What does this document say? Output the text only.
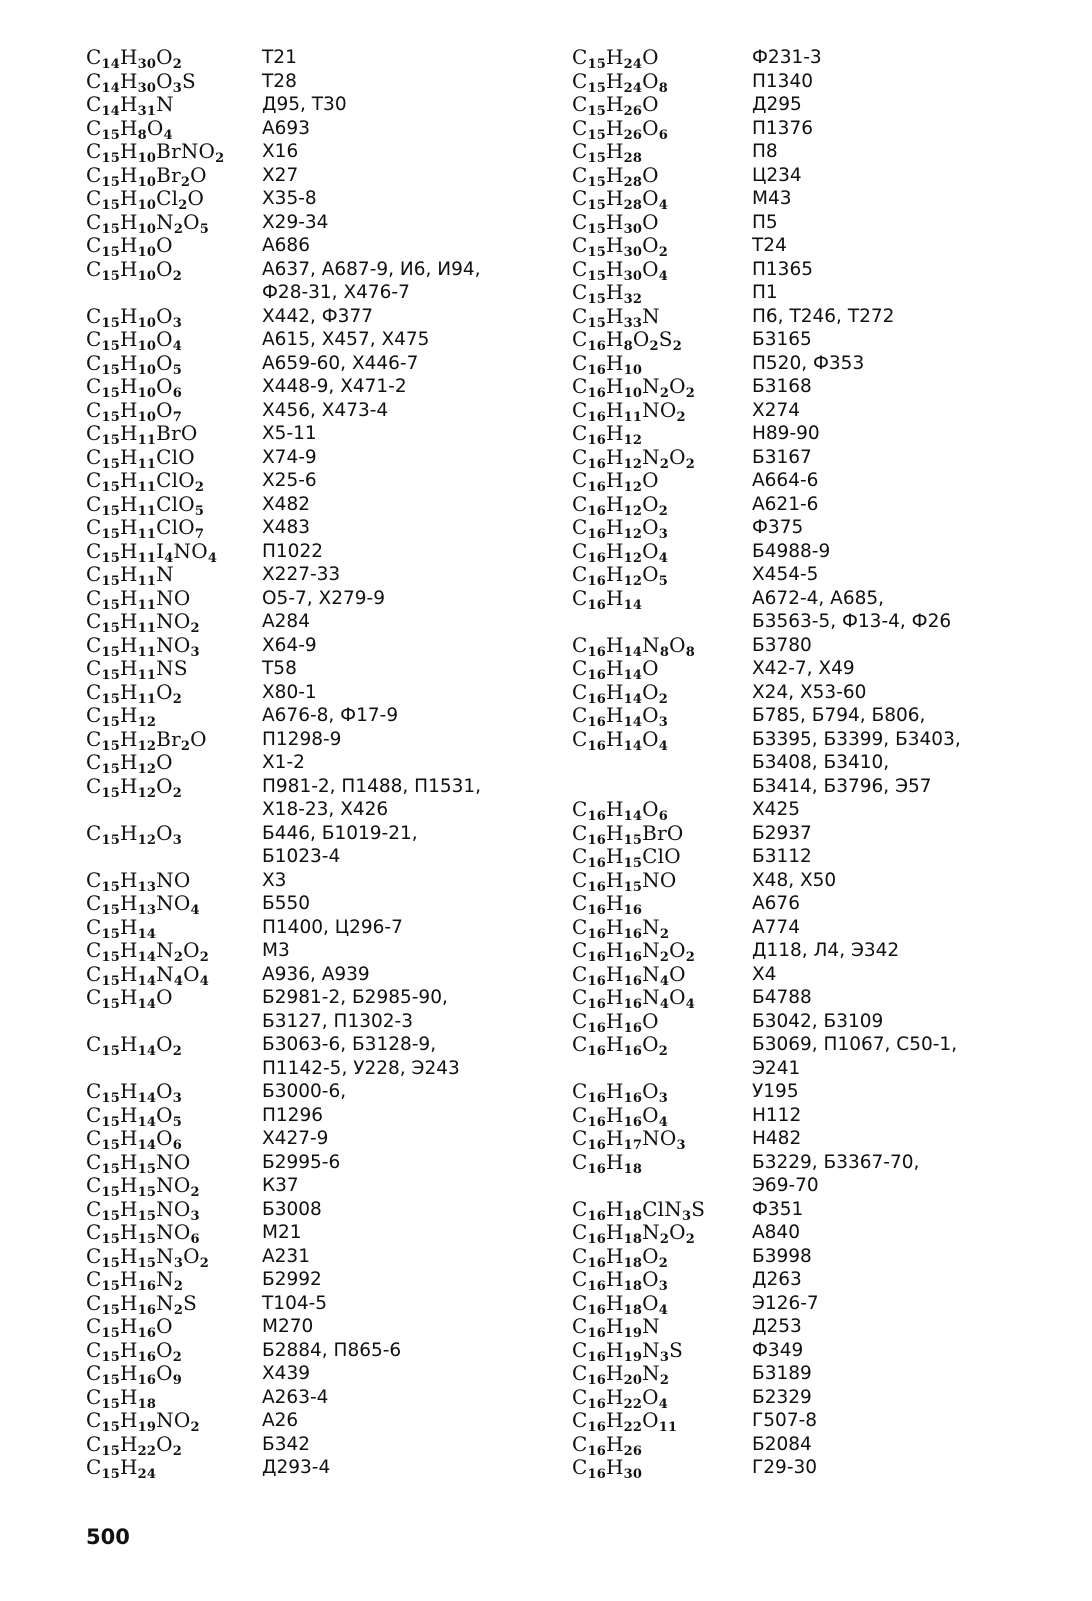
$C_{14}H_{30}O_2$	Т21
$C_{14}H_{30}O_3S$	Т28
$C_{14}H_{31}N$	Д95, Т30
$C_{15}H_8O_4$	А693
$C_{15}H_{10}BrNO_2$	Х16
$C_{15}H_{10}Br_2O$	Х27
$C_{15}H_{10}Cl_2O$	Х35-8
$C_{15}H_{10}N_2O_5$	Х29-34
$C_{15}H_{10}O$	А686
$C_{15}H_{10}O_2$	А637, А687-9, И6, И94,
Ф28-31, Х476-7
$C_{15}H_{10}O_3$	Х442, Ф377
$C_{15}H_{10}O_4$	А615, Х457, Х475
$C_{15}H_{10}O_5$	А659-60, Х446-7
$C_{15}H_{10}O_6$	Х448-9, Х471-2
$C_{15}H_{10}O_7$	Х456, Х473-4
$C_{15}H_{11}BrO$	Х5-11
$C_{15}H_{11}ClO$	Х74-9
$C_{15}H_{11}ClO_2$	Х25-6
$C_{15}H_{11}ClO_5$	Х482
$C_{15}H_{11}ClO_7$	Х483
$C_{15}H_{11}I_4NO_4$	П1022
$C_{15}H_{11}N$	Х227-33
$C_{15}H_{11}NO$	О5-7, Х279-9
$C_{15}H_{11}NO_2$	А284
$C_{15}H_{11}NO_3$	Х64-9
$C_{15}H_{11}NS$	Т58
$C_{15}H_{11}O_2$	Х80-1
$C_{15}H_{12}$	А676-8, Ф17-9
$C_{15}H_{12}Br_2O$	П1298-9
$C_{15}H_{12}O$	Х1-2
$C_{15}H_{12}O_2$	П981-2, П1488, П1531,
Х18-23, Х426
$C_{15}H_{12}O_3$	Б446, Б1019-21,
Б1023-4
$C_{15}H_{13}NO$	Х3
$C_{15}H_{13}NO_4$	Б550
$C_{15}H_{14}$	П1400, Ц296-7
$C_{15}H_{14}N_2O_2$	М3
$C_{15}H_{14}N_4O_4$	А936, А939
$C_{15}H_{14}O$	Б2981-2, Б2985-90,
Б3127, П1302-3
$C_{15}H_{14}O_2$	Б3063-6, Б3128-9,
П1142-5, У228, Э243
$C_{15}H_{14}O_3$	Б3000-6,
$C_{15}H_{14}O_5$	П1296
$C_{15}H_{14}O_6$	Х427-9
$C_{15}H_{15}NO$	Б2995-6
$C_{15}H_{15}NO_2$	К37
$C_{15}H_{15}NO_3$	Б3008
$C_{15}H_{15}NO_6$	М21
$C_{15}H_{15}N_3O_2$	А231
$C_{15}H_{16}N_2$	Б2992
$C_{15}H_{16}N_2S$	Т104-5
$C_{15}H_{16}O$	М270
$C_{15}H_{16}O_2$	Б2884, П865-6
$C_{15}H_{16}O_9$	Х439
$C_{15}H_{18}$	А263-4
$C_{15}H_{19}NO_2$	А26
$C_{15}H_{22}O_2$	Б342
$C_{15}H_{24}$	Д293-4
$C_{15}H_{24}O$	Ф231-3
$C_{15}H_{24}O_8$	П1340
$C_{15}H_{26}O$	Д295
$C_{15}H_{26}O_6$	П1376
$C_{15}H_{28}$	П8
$C_{15}H_{28}O$	Ц234
$C_{15}H_{28}O_4$	М43
$C_{15}H_{30}O$	П5
$C_{15}H_{30}O_2$	Т24
$C_{15}H_{30}O_4$	П1365
$C_{15}H_{32}$	П1
$C_{15}H_{33}N$	П6, Т246, Т272
$C_{16}H_8O_2S_2$	Б3165
$C_{16}H_{10}$	П520, Ф353
$C_{16}H_{10}N_2O_2$	Б3168
$C_{16}H_{11}NO_2$	Х274
$C_{16}H_{12}$	Н89-90
$C_{16}H_{12}N_2O_2$	Б3167
$C_{16}H_{12}O$	А664-6
$C_{16}H_{12}O_2$	А621-6
$C_{16}H_{12}O_3$	Ф375
$C_{16}H_{12}O_4$	Б4988-9
$C_{16}H_{12}O_5$	Х454-5
$C_{16}H_{14}$	А672-4, А685,
Б3563-5, Ф13-4, Ф26
$C_{16}H_{14}N_8O_8$	Б3780
$C_{16}H_{14}O$	Х42-7, Х49
$C_{16}H_{14}O_2$	Х24, Х53-60
$C_{16}H_{14}O_3$	Б785, Б794, Б806,
$C_{16}H_{14}O_4$	Б3395, Б3399, Б3403,
Б3408, Б3410,
Б3414, Б3796, Э57
$C_{16}H_{14}O_6$	Х425
$C_{16}H_{15}BrO$	Б2937
$C_{16}H_{15}ClO$	Б3112
$C_{16}H_{15}NO$	Х48, Х50
$C_{16}H_{16}$	А676
$C_{16}H_{16}N_2$	А774
$C_{16}H_{16}N_2O_2$	Д118, Л4, Э342
$C_{16}H_{16}N_4O$	Х4
$C_{16}H_{16}N_4O_4$	Б4788
$C_{16}H_{16}O$	Б3042, Б3109
$C_{16}H_{16}O_2$	Б3069, П1067, С50-1,
Э241
$C_{16}H_{16}O_3$	У195
$C_{16}H_{16}O_4$	Н112
$C_{16}H_{17}NO_3$	Н482
$C_{16}H_{18}$	Б3229, Б3367-70,
Э69-70
$C_{16}H_{18}ClN_3S$	Ф351
$C_{16}H_{18}N_2O_2$	А840
$C_{16}H_{18}O_2$	Б3998
$C_{16}H_{18}O_3$	Д263
$C_{16}H_{18}O_4$	Э126-7
$C_{16}H_{19}N$	Д253
$C_{16}H_{19}N_3S$	Ф349
$C_{16}H_{20}N_2$	Б3189
$C_{16}H_{22}O_4$	Б2329
$C_{16}H_{22}O_{11}$	Г507-8
$C_{16}H_{26}$	Б2084
$C_{16}H_{30}$	Г29-30
500
